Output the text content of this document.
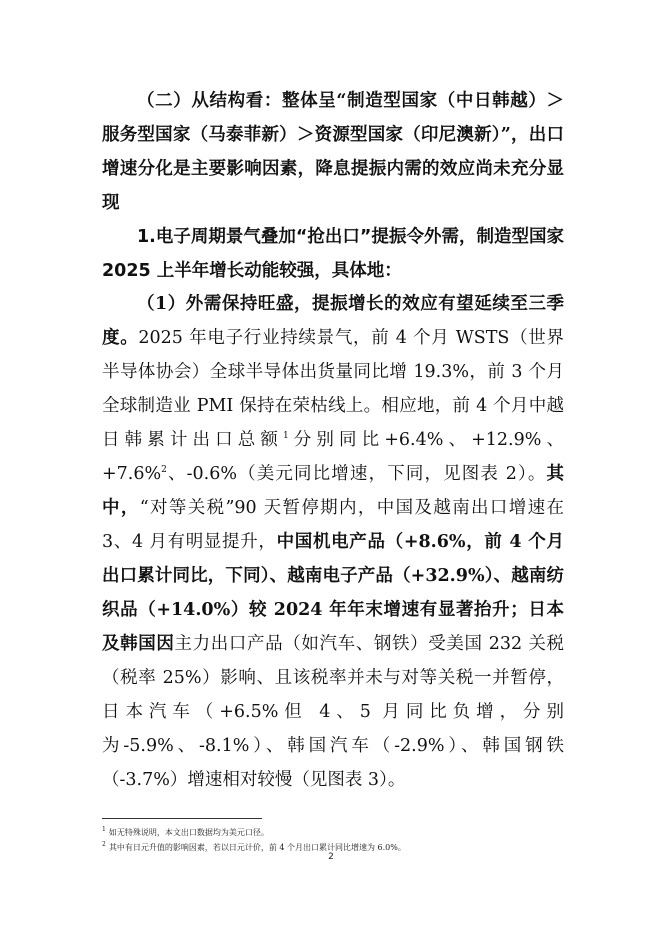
（二）从结构看：整体呈“制造型国家（中日韩越）＞服务型国家（马泰菲新）＞资源型国家（印尼澳新）”，出口增速分化是主要影响因素，降息提振内需的效应尚未充分显现

1.电子周期景气叠加“抢出口”提振令外需，制造型国家 2025 上半年增长动能较强，具体地：

（1）外需保持旺盛，提振增长的效应有望延续至三季度。2025 年电子行业持续景气，前 4 个月 WSTS（世界半导体协会）全球半导体出货量同比增 19.3%，前 3 个月全球制造业 PMI 保持在荣枯线上。相应地，前 4 个月中越日韩累计出口总额$^1$分别同比+6.4%、+12.9%、+7.6%$^2$、-0.6%（美元同比增速，下同，见图表 2）。其中，“对等关税”90 天暂停期内，中国及越南出口增速在 3、4 月有明显提升，中国机电产品（+8.6%，前 4 个月出口累计同比，下同）、越南电子产品（+32.9%）、越南纺织品（+14.0%）较 2024 年年末增速有显著抬升；日本及韩国因主力出口产品（如汽车、钢铁）受美国 232 关税（税率 25%）影响、且该税率并未与对等关税一并暂停，日本汽车（+6.5%但 4、5 月同比负增，分别为-5.9%、-8.1%）、韩国汽车（-2.9%）、韩国钢铁（-3.7%）增速相对较慢（见图表 3）。

$^1$ 如无特殊说明，本文出口数据均为美元口径。
$^2$ 其中有日元升值的影响因素，若以日元计价，前 4 个月出口累计同比增速为 6.0%。
2
